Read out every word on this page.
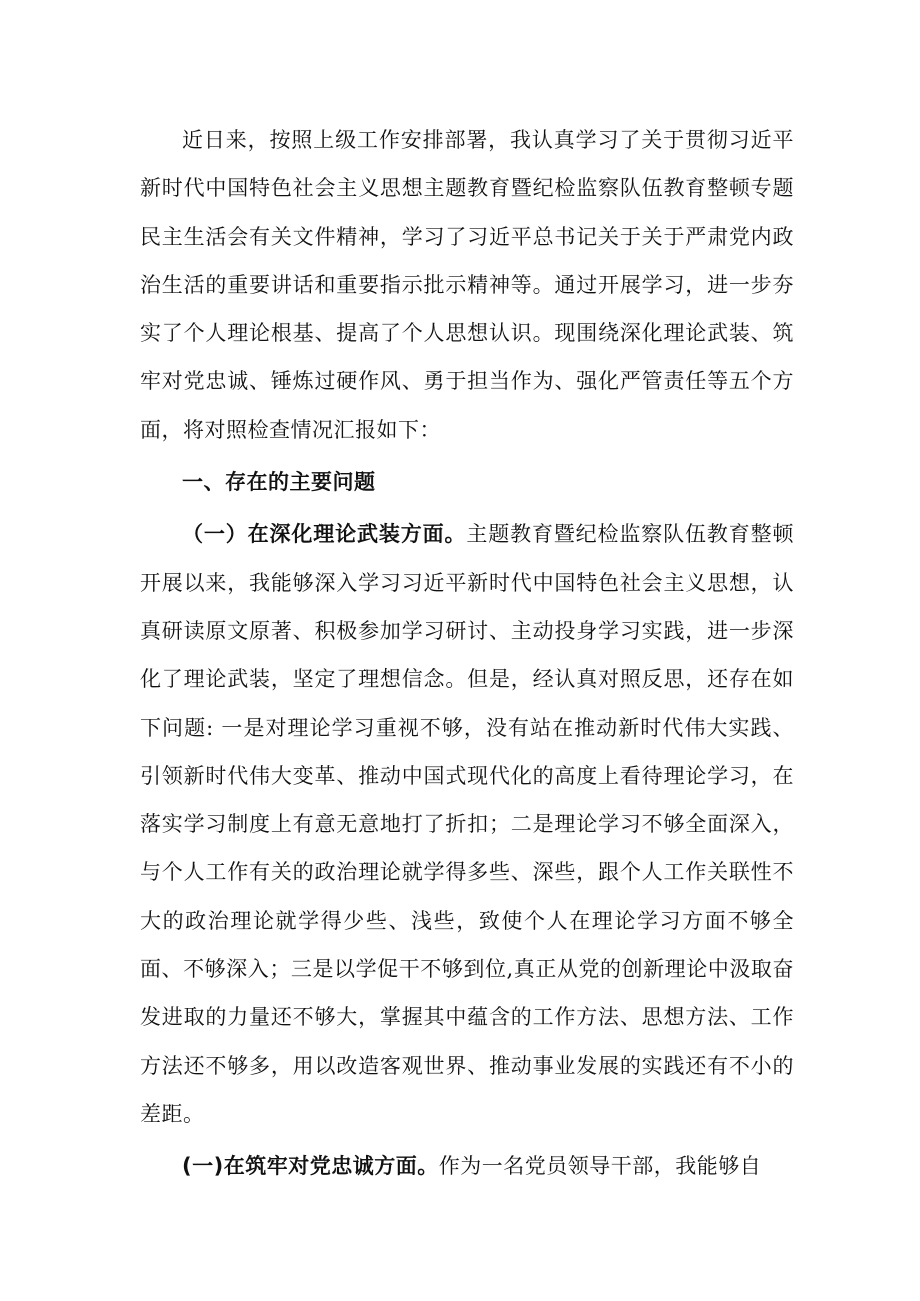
近日来，按照上级工作安排部署，我认真学习了关于贯彻习近平新时代中国特色社会主义思想主题教育暨纪检监察队伍教育整顿专题民主生活会有关文件精神，学习了习近平总书记关于关于严肃党内政治生活的重要讲话和重要指示批示精神等。通过开展学习，进一步夯实了个人理论根基、提高了个人思想认识。现围绕深化理论武装、筑牢对党忠诚、锤炼过硬作风、勇于担当作为、强化严管责任等五个方面，将对照检查情况汇报如下：

一、存在的主要问题

（一）在深化理论武装方面。主题教育暨纪检监察队伍教育整顿开展以来，我能够深入学习习近平新时代中国特色社会主义思想，认真研读原文原著、积极参加学习研讨、主动投身学习实践，进一步深化了理论武装，坚定了理想信念。但是，经认真对照反思，还存在如下问题: 一是对理论学习重视不够，没有站在推动新时代伟大实践、引领新时代伟大变革、推动中国式现代化的高度上看待理论学习，在落实学习制度上有意无意地打了折扣；二是理论学习不够全面深入，与个人工作有关的政治理论就学得多些、深些，跟个人工作关联性不大的政治理论就学得少些、浅些，致使个人在理论学习方面不够全面、不够深入；三是以学促干不够到位,真正从党的创新理论中汲取奋发进取的力量还不够大，掌握其中蕴含的工作方法、思想方法、工作方法还不够多，用以改造客观世界、推动事业发展的实践还有不小的差距。

(一)在筑牢对党忠诚方面。作为一名党员领导干部，我能够自
